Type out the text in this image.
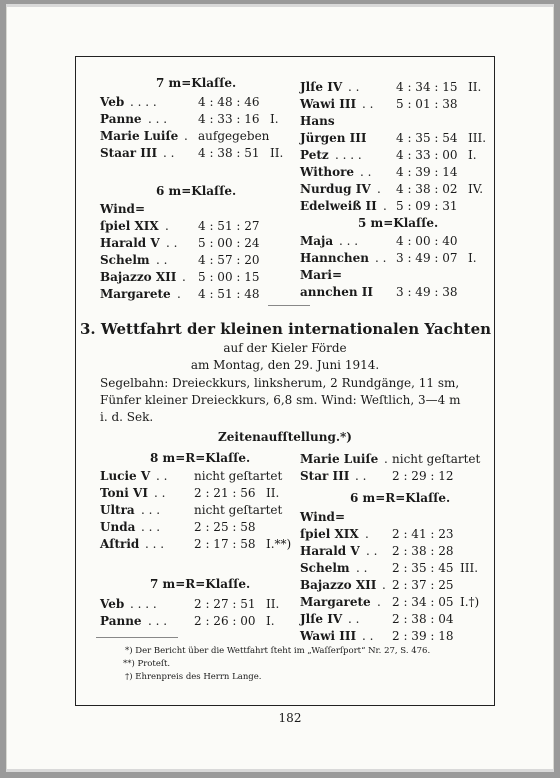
7 m=Klaſſe.
Veb . . . .	4 : 48 : 46
Panne . . .	4 : 33 : 16 I.
Marie Luiſe . aufgegeben
Staar III . . 4 : 38 : 51 II.
6 m=Klaſſe.
Wind=
ſpiel XIX . 4 : 51 : 27
Harald V . . 5 : 00 : 24
Schelm . .	4 : 57 : 20
Bajazzo XII . 5 : 00 : 15
Margarete . 4 : 51 : 48
Jlſe IV . .	4 : 34 : 15 II.
Wawi III . . 5 : 01 : 38
Hans
Jürgen III 4 : 35 : 54 III.
Petz . . . .	4 : 33 : 00 I.
Withore . . 4 : 39 : 14
Nurdug IV . 4 : 38 : 02 IV.
Edelweiß II . 5 : 09 : 31
5 m=Klaſſe.
Maja . . .	4 : 00 : 40
Hannchen . . 3 : 49 : 07 I.
Mari=
annchen II 3 : 49 : 38
3. Wettfahrt der kleinen internationalen Yachten
auf der Kieler Förde
am Montag, den 29. Juni 1914.
Segelbahn: Dreieckkurs, linksherum, 2 Rundgänge, 11 sm,
Fünfer kleiner Dreieckkurs, 6,8 sm. Wind: Weſtlich, 3—4 m
i. d. Sek.
Zeitenaufſtellung.*)
8 m=R=Klaſſe.
Lucie V . . nicht geſtartet
Toni VI . . 2 : 21 : 56 II.
Ultra . . .	nicht geſtartet
Unda . . .	2 : 25 : 58
Aſtrid . . . 2 : 17 : 58 I.**)
7 m=R=Klaſſe.
Veb . . . .	2 : 27 : 51 II.
Panne . . . 2 : 26 : 00 I.
Marie Luiſe . nicht geſtartet
Star III . . 2 : 29 : 12
6 m=R=Klaſſe.
Wind=
ſpiel XIX . 2 : 41 : 23
Harald V . . 2 : 38 : 28
Schelm . . 2 : 35 : 45 III.
Bajazzo XII . 2 : 37 : 25
Margarete . 2 : 34 : 05 I.†)
Jlſe IV . .	2 : 38 : 04
Wawi III . . 2 : 39 : 18
*) Der Bericht über die Wettfahrt ſteht im „Waſſerſport“ Nr. 27, S. 476.
**) Proteſt.
†) Ehrenpreis des Herrn Lange.
182
